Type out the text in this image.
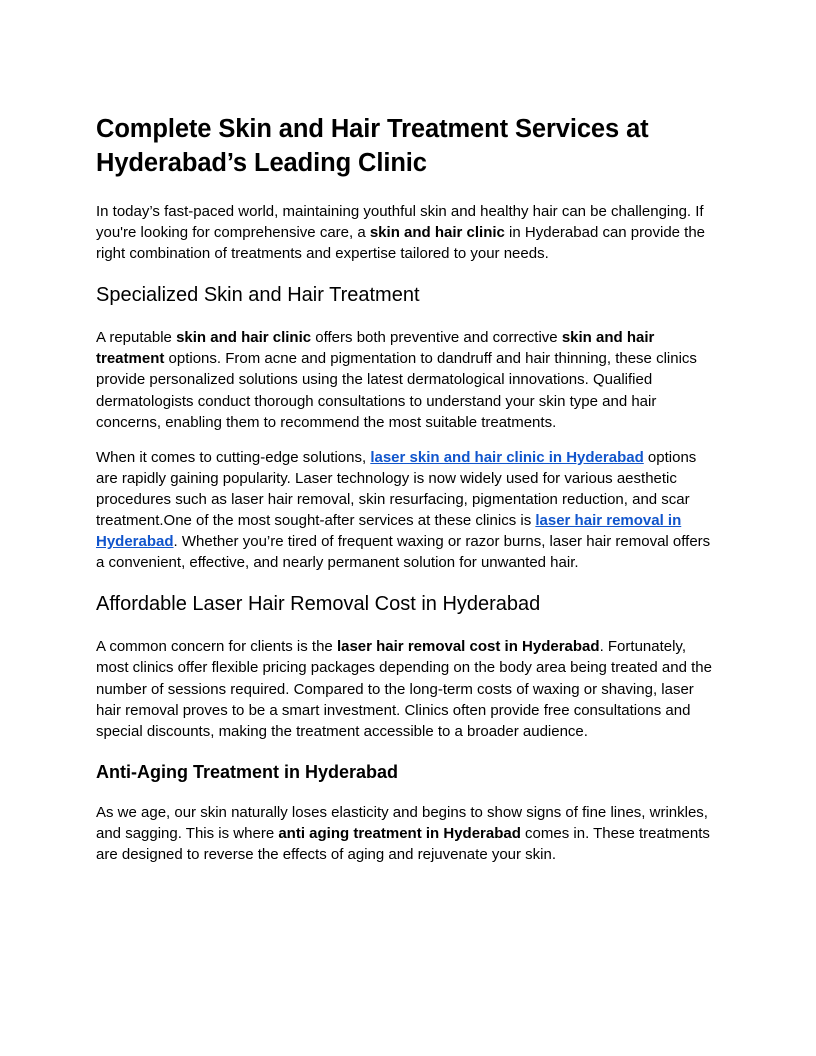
Complete Skin and Hair Treatment Services at Hyderabad’s Leading Clinic

In today’s fast-paced world, maintaining youthful skin and healthy hair can be challenging. If you're looking for comprehensive care, a skin and hair clinic in Hyderabad can provide the right combination of treatments and expertise tailored to your needs.

Specialized Skin and Hair Treatment

A reputable skin and hair clinic offers both preventive and corrective skin and hair treatment options. From acne and pigmentation to dandruff and hair thinning, these clinics provide personalized solutions using the latest dermatological innovations. Qualified dermatologists conduct thorough consultations to understand your skin type and hair concerns, enabling them to recommend the most suitable treatments.

When it comes to cutting-edge solutions, laser skin and hair clinic in Hyderabad options are rapidly gaining popularity. Laser technology is now widely used for various aesthetic procedures such as laser hair removal, skin resurfacing, pigmentation reduction, and scar treatment.One of the most sought-after services at these clinics is laser hair removal in Hyderabad. Whether you’re tired of frequent waxing or razor burns, laser hair removal offers a convenient, effective, and nearly permanent solution for unwanted hair.

Affordable Laser Hair Removal Cost in Hyderabad

A common concern for clients is the laser hair removal cost in Hyderabad. Fortunately, most clinics offer flexible pricing packages depending on the body area being treated and the number of sessions required. Compared to the long-term costs of waxing or shaving, laser hair removal proves to be a smart investment. Clinics often provide free consultations and special discounts, making the treatment accessible to a broader audience.

Anti-Aging Treatment in Hyderabad

As we age, our skin naturally loses elasticity and begins to show signs of fine lines, wrinkles, and sagging. This is where anti aging treatment in Hyderabad comes in. These treatments are designed to reverse the effects of aging and rejuvenate your skin.
